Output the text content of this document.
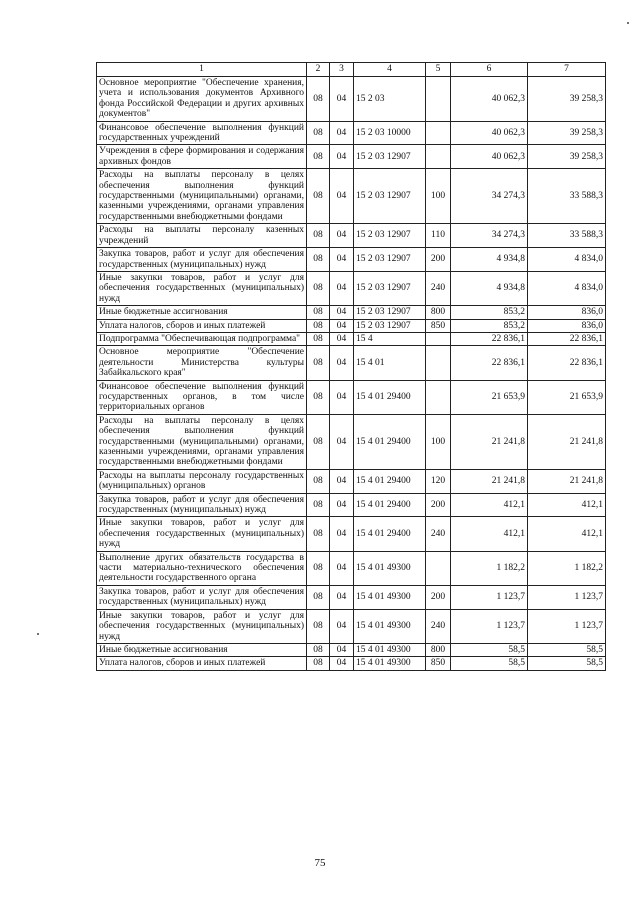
1	2	3	4	5	6	7
Основное мероприятие "Обеспечение хранения, учета и использования документов Архивного фонда Российской Федерации и других архивных документов"	08	04	15 2 03		40 062,3	39 258,3
Финансовое обеспечение выполнения функций государственных учреждений	08	04	15 2 03 10000		40 062,3	39 258,3
Учреждения в сфере формирования и содержания архивных фондов	08	04	15 2 03 12907		40 062,3	39 258,3
Расходы на выплаты персоналу в целях обеспечения выполнения функций государственными (муниципальными) органами, казенными учреждениями, органами управления государственными внебюджетными фондами	08	04	15 2 03 12907	100	34 274,3	33 588,3
Расходы на выплаты персоналу казенных учреждений	08	04	15 2 03 12907	110	34 274,3	33 588,3
Закупка товаров, работ и услуг для обеспечения государственных (муниципальных) нужд	08	04	15 2 03 12907	200	4 934,8	4 834,0
Иные закупки товаров, работ и услуг для обеспечения государственных (муниципальных) нужд	08	04	15 2 03 12907	240	4 934,8	4 834,0
Иные бюджетные ассигнования	08	04	15 2 03 12907	800	853,2	836,0
Уплата налогов, сборов и иных платежей	08	04	15 2 03 12907	850	853,2	836,0
Подпрограмма "Обеспечивающая подпрограмма"	08	04	15 4		22 836,1	22 836,1
Основное мероприятие "Обеспечение деятельности Министерства культуры Забайкальского края"	08	04	15 4 01		22 836,1	22 836,1
Финансовое обеспечение выполнения функций государственных органов, в том числе территориальных органов	08	04	15 4 01 29400		21 653,9	21 653,9
Расходы на выплаты персоналу в целях обеспечения выполнения функций государственными (муниципальными) органами, казенными учреждениями, органами управления государственными внебюджетными фондами	08	04	15 4 01 29400	100	21 241,8	21 241,8
Расходы на выплаты персоналу государственных (муниципальных) органов	08	04	15 4 01 29400	120	21 241,8	21 241,8
Закупка товаров, работ и услуг для обеспечения государственных (муниципальных) нужд	08	04	15 4 01 29400	200	412,1	412,1
Иные закупки товаров, работ и услуг для обеспечения государственных (муниципальных) нужд	08	04	15 4 01 29400	240	412,1	412,1
Выполнение других обязательств государства в части материально-технического обеспечения деятельности государственного органа	08	04	15 4 01 49300		1 182,2	1 182,2
Закупка товаров, работ и услуг для обеспечения государственных (муниципальных) нужд	08	04	15 4 01 49300	200	1 123,7	1 123,7
Иные закупки товаров, работ и услуг для обеспечения государственных (муниципальных) нужд	08	04	15 4 01 49300	240	1 123,7	1 123,7
Иные бюджетные ассигнования	08	04	15 4 01 49300	800	58,5	58,5
Уплата налогов, сборов и иных платежей	08	04	15 4 01 49300	850	58,5	58,5
75
